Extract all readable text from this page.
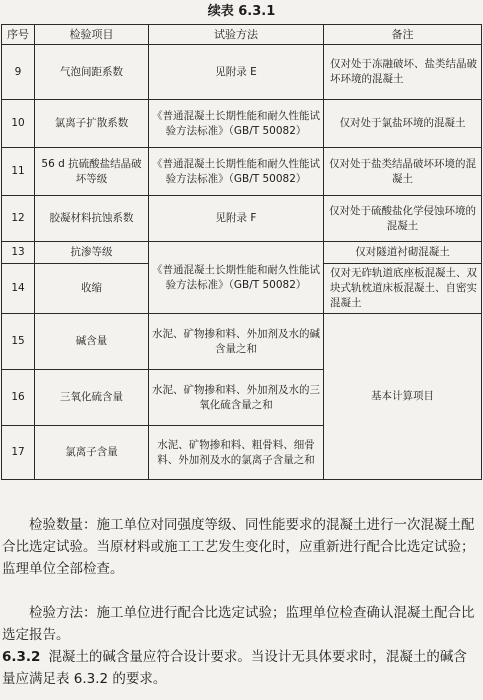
续表 6.3.1
序号	检验项目	试验方法	备注
9	气泡间距系数	见附录 E	仅对处于冻融破坏、盐类结晶破坏环境的混凝土
10	氯离子扩散系数	《普通混凝土长期性能和耐久性能试验方法标准》（GB/T 50082）	仅对处于氯盐环境的混凝土
11	56 d 抗硫酸盐结晶破坏等级	《普通混凝土长期性能和耐久性能试验方法标准》（GB/T 50082）	仅对处于盐类结晶破坏环境的混凝土
12	胶凝材料抗蚀系数	见附录 F	仅对处于硫酸盐化学侵蚀环境的混凝土
13	抗渗等级	《普通混凝土长期性能和耐久性能试验方法标准》（GB/T 50082）	仅对隧道衬砌混凝土
14	收缩		仅对无砟轨道底座板混凝土、双块式轨枕道床板混凝土、自密实混凝土
15	碱含量	水泥、矿物掺和料、外加剂及水的碱含量之和	基本计算项目
16	三氧化硫含量	水泥、矿物掺和料、外加剂及水的三氧化硫含量之和	
17	氯离子含量	水泥、矿物掺和料、粗骨料、细骨料、外加剂及水的氯离子含量之和	

检验数量：施工单位对同强度等级、同性能要求的混凝土进行一次混凝土配合比选定试验。当原材料或施工工艺发生变化时，应重新进行配合比选定试验；监理单位全部检查。

检验方法：施工单位进行配合比选定试验；监理单位检查确认混凝土配合比选定报告。

6.3.2 混凝土的碱含量应符合设计要求。当设计无具体要求时，混凝土的碱含量应满足表 6.3.2 的要求。
